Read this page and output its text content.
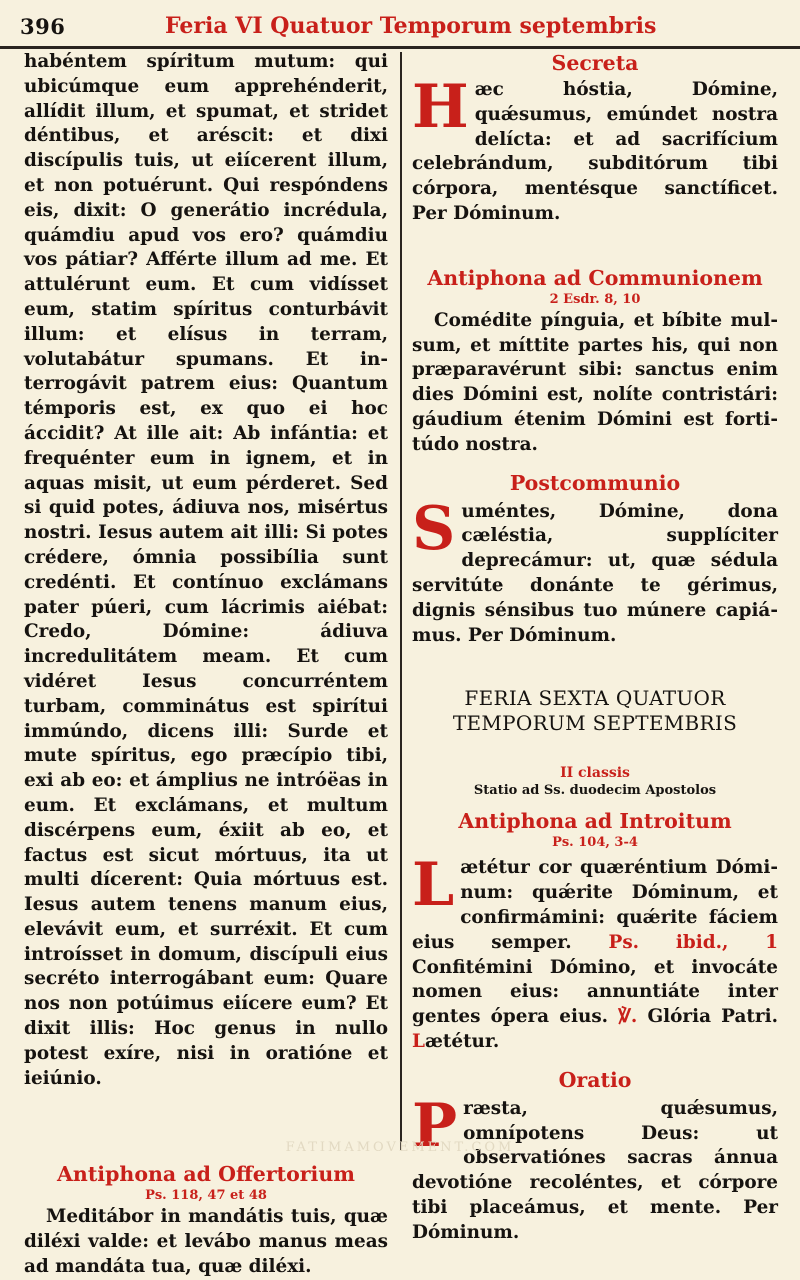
396	Feria VI Quatuor Temporum septembris
habéntem spíritum mutum: qui ubicúmque eum apprehénderit, allídit illum, et spumat, et stridet déntibus, et aréscit: et dixi discípulis tuis, ut eiícerent illum, et non potuérunt. Qui respóndens eis, dixit: O generátio incrédula, quámdiu apud vos ero? quámdiu vos pátiar? Affértе illum ad me. Et attulérunt eum. Et cum vidísset eum, statim spíritus conturbávit illum: et elísus in terram, volutabátur spumans. Et interrogávit patrem eius: Quantum témporis est, ex quo ei hoc áccidit? At ille ait: Ab infántia: et frequénter eum in ignem, et in aquas misit, ut eum pérderet. Sed si quid potes, ádiuva nos, misértus nostri. Iesus autem ait illi: Si potes crédere, ómnia possibília sunt credénti. Et contínuo exclámans pater púeri, cum lácrimis aiébat: Credo, Dómine: ádiuva incredulitátem meam. Et cum vidéret Iesus concurréntem turbam, comminátus est spirítui immúndo, dicens illi: Surde et mute spíritus, ego præcípio tibi, exi ab eo: et ámplius ne intróëas in eum. Et exclámans, et multum discérpens eum, éxiit ab eo, et factus est sicut mórtuus, ita ut multi dícerent: Quia mórtuus est. Iesus autem tenens manum eius, elevávit eum, et surréxit. Et cum introísset in domum, discípuli eius secréto interrogábant eum: Quare nos non potúimus eiícere eum? Et dixit illis: Hoc genus in nullo potest exíre, nisi in oratióne et ieiúnio.
Antiphona ad Offertorium
Ps. 118, 47 et 48
Meditábor in mandátis tuis, quæ diléxi valde: et levábo manus meas ad mandáta tua, quæ diléxi.
Secreta
Hæc hóstia, Dómine, quǽsumus, emúndet nostra delícta: et ad sacrifícium celebrándum, subditórum tibi córpora, mentésque sanctíficet. Per Dóminum.
Antiphona ad Communionem
2 Esdr. 8, 10
Comédite pínguia, et bíbite mulsum, et míttite partes his, qui non præparavérunt sibi: sanctus enim dies Dómini est, nolíte contristári: gáudium étenim Dómini est fortitúdo nostra.
Postcommunio
Suméntes, Dómine, dona cæléstia, supplíciter deprecámur: ut, quæ sédula servitúte donánte te gérimus, dignis sénsibus tuo múnere capiámus. Per Dóminum.
FERIA SEXTA QUATUOR
TEMPORUM SEPTEMBRIS
II classis
Statio ad Ss. duodecim Apostolos
Antiphona ad Introitum
Ps. 104, 3-4
Lætétur cor quæréntium Dóminum: quǽrite Dóminum, et confirmámini: quǽrite fáciem eius semper. Ps. ibid., 1 Confitémini Dómino, et invocáte nomen eius: annuntiáte inter gentes ópera eius. ℣. Glória Patri. Lætétur.
Oratio
Præsta, quǽsumus, omnípotens Deus: ut observatiónes sacras ánnua devotióne recoléntes, et córpore tibi placeámus, et mente. Per Dóminum.
FATIMAMOVEMENT.COM
